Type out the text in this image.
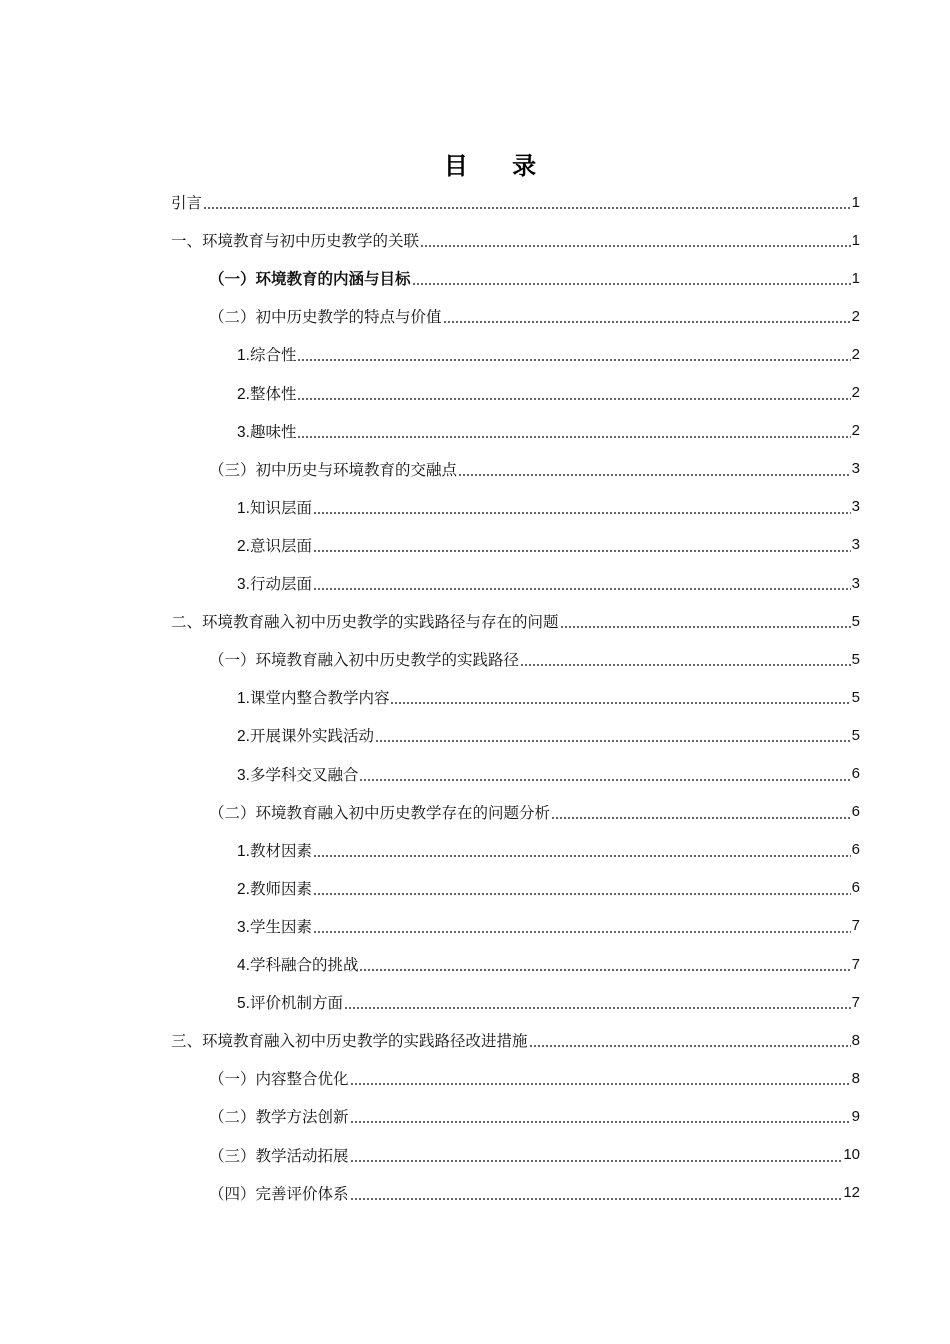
目 录
引言	1
一、环境教育与初中历史教学的关联	1
（一）环境教育的内涵与目标	1
（二）初中历史教学的特点与价值	2
1.综合性	2
2.整体性	2
3.趣味性	2
（三）初中历史与环境教育的交融点	3
1.知识层面	3
2.意识层面	3
3.行动层面	3
二、环境教育融入初中历史教学的实践路径与存在的问题	5
（一）环境教育融入初中历史教学的实践路径	5
1.课堂内整合教学内容	5
2.开展课外实践活动	5
3.多学科交叉融合	6
（二）环境教育融入初中历史教学存在的问题分析	6
1.教材因素	6
2.教师因素	6
3.学生因素	7
4.学科融合的挑战	7
5.评价机制方面	7
三、环境教育融入初中历史教学的实践路径改进措施	8
（一）内容整合优化	8
（二）教学方法创新	9
（三）教学活动拓展	10
（四）完善评价体系	12
